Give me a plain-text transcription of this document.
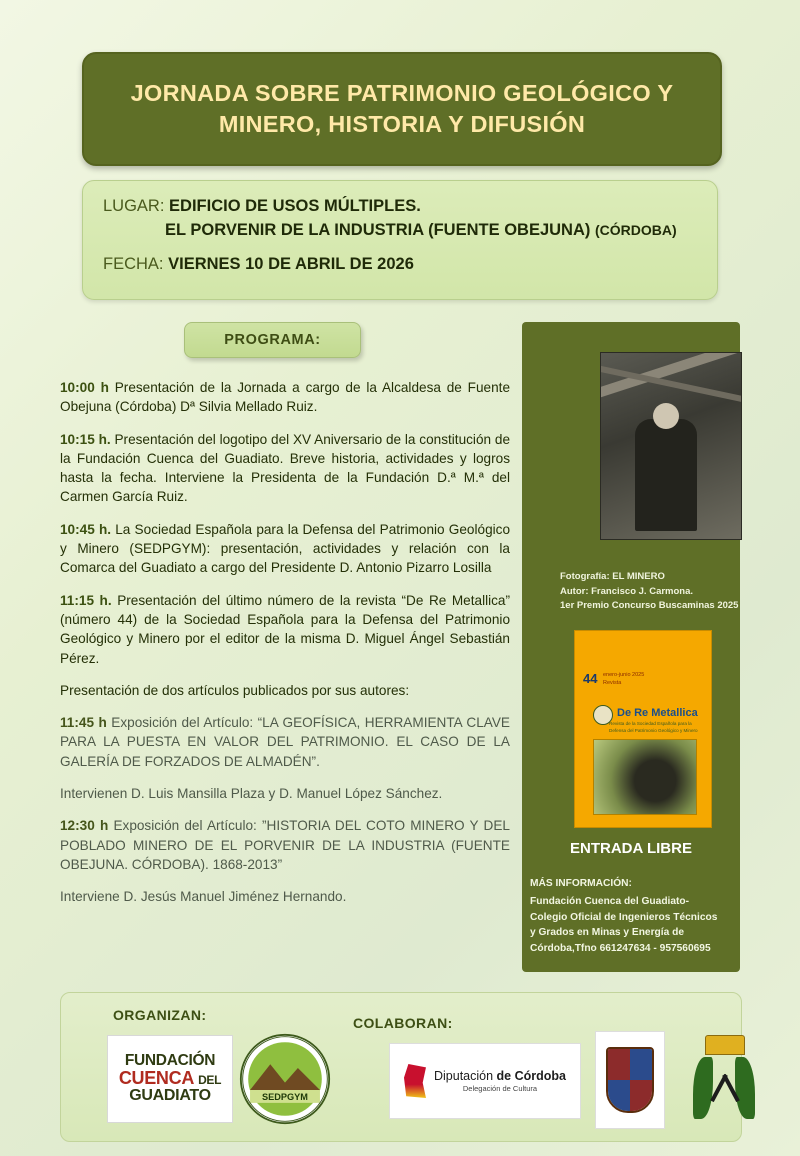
JORNADA SOBRE PATRIMONIO GEOLÓGICO Y
MINERO, HISTORIA Y DIFUSIÓN
LUGAR: EDIFICIO DE USOS MÚLTIPLES.
EL PORVENIR DE LA INDUSTRIA (FUENTE OBEJUNA) (CÓRDOBA)
FECHA: VIERNES 10 DE ABRIL DE 2026
PROGRAMA:
Fotografía: EL MINERO
Autor: Francisco J. Carmona.
1er Premio Concurso Buscaminas 2025
44 enero-junio 2025
Revista
De Re Metallica
Revista de la Sociedad Española para la Defensa del Patrimonio Geológico y Minero
ENTRADA LIBRE
MÁS INFORMACIÓN:
Fundación Cuenca del Guadiato-
Colegio Oficial de Ingenieros Técnicos
y Grados en Minas y Energía de
Córdoba,Tfno 661247634 - 957560695
10:00 h Presentación de la Jornada a cargo de la Alcaldesa de Fuente Obejuna (Córdoba) Dª Silvia Mellado Ruiz.
10:15 h. Presentación del logotipo del XV Aniversario de la constitución de la Fundación Cuenca del Guadiato. Breve historia, actividades y logros hasta la fecha. Interviene la Presidenta de la Fundación D.ª M.ª del Carmen García Ruiz.
10:45 h. La Sociedad Española para la Defensa del Patrimonio Geológico y Minero (SEDPGYM): presentación, actividades y relación con la Comarca del Guadiato a cargo del Presidente D. Antonio Pizarro Losilla
11:15 h. Presentación del último número de la revista “De Re Metallica” (número 44) de la Sociedad Española para la Defensa del Patrimonio Geológico y Minero por el editor de la misma D. Miguel Ángel Sebastián Pérez.
Presentación de dos artículos publicados por sus autores:
11:45 h Exposición del Artículo: “LA GEOFÍSICA, HERRAMIENTA CLAVE PARA LA PUESTA EN VALOR DEL PATRIMONIO. EL CASO DE LA GALERÍA DE FORZADOS DE ALMADÉN”.
Intervienen D. Luis Mansilla Plaza y D. Manuel López Sánchez.
12:30 h Exposición del Artículo: ”HISTORIA DEL COTO MINERO Y DEL POBLADO MINERO DE EL PORVENIR DE LA INDUSTRIA (FUENTE OBEJUNA. CÓRDOBA). 1868-2013”
Interviene D. Jesús Manuel Jiménez Hernando.
ORGANIZAN:	COLABORAN:
FUNDACIÓN
CUENCA DEL
GUADIATO	SEDPGYM
Diputación de Córdoba
Delegación de Cultura
